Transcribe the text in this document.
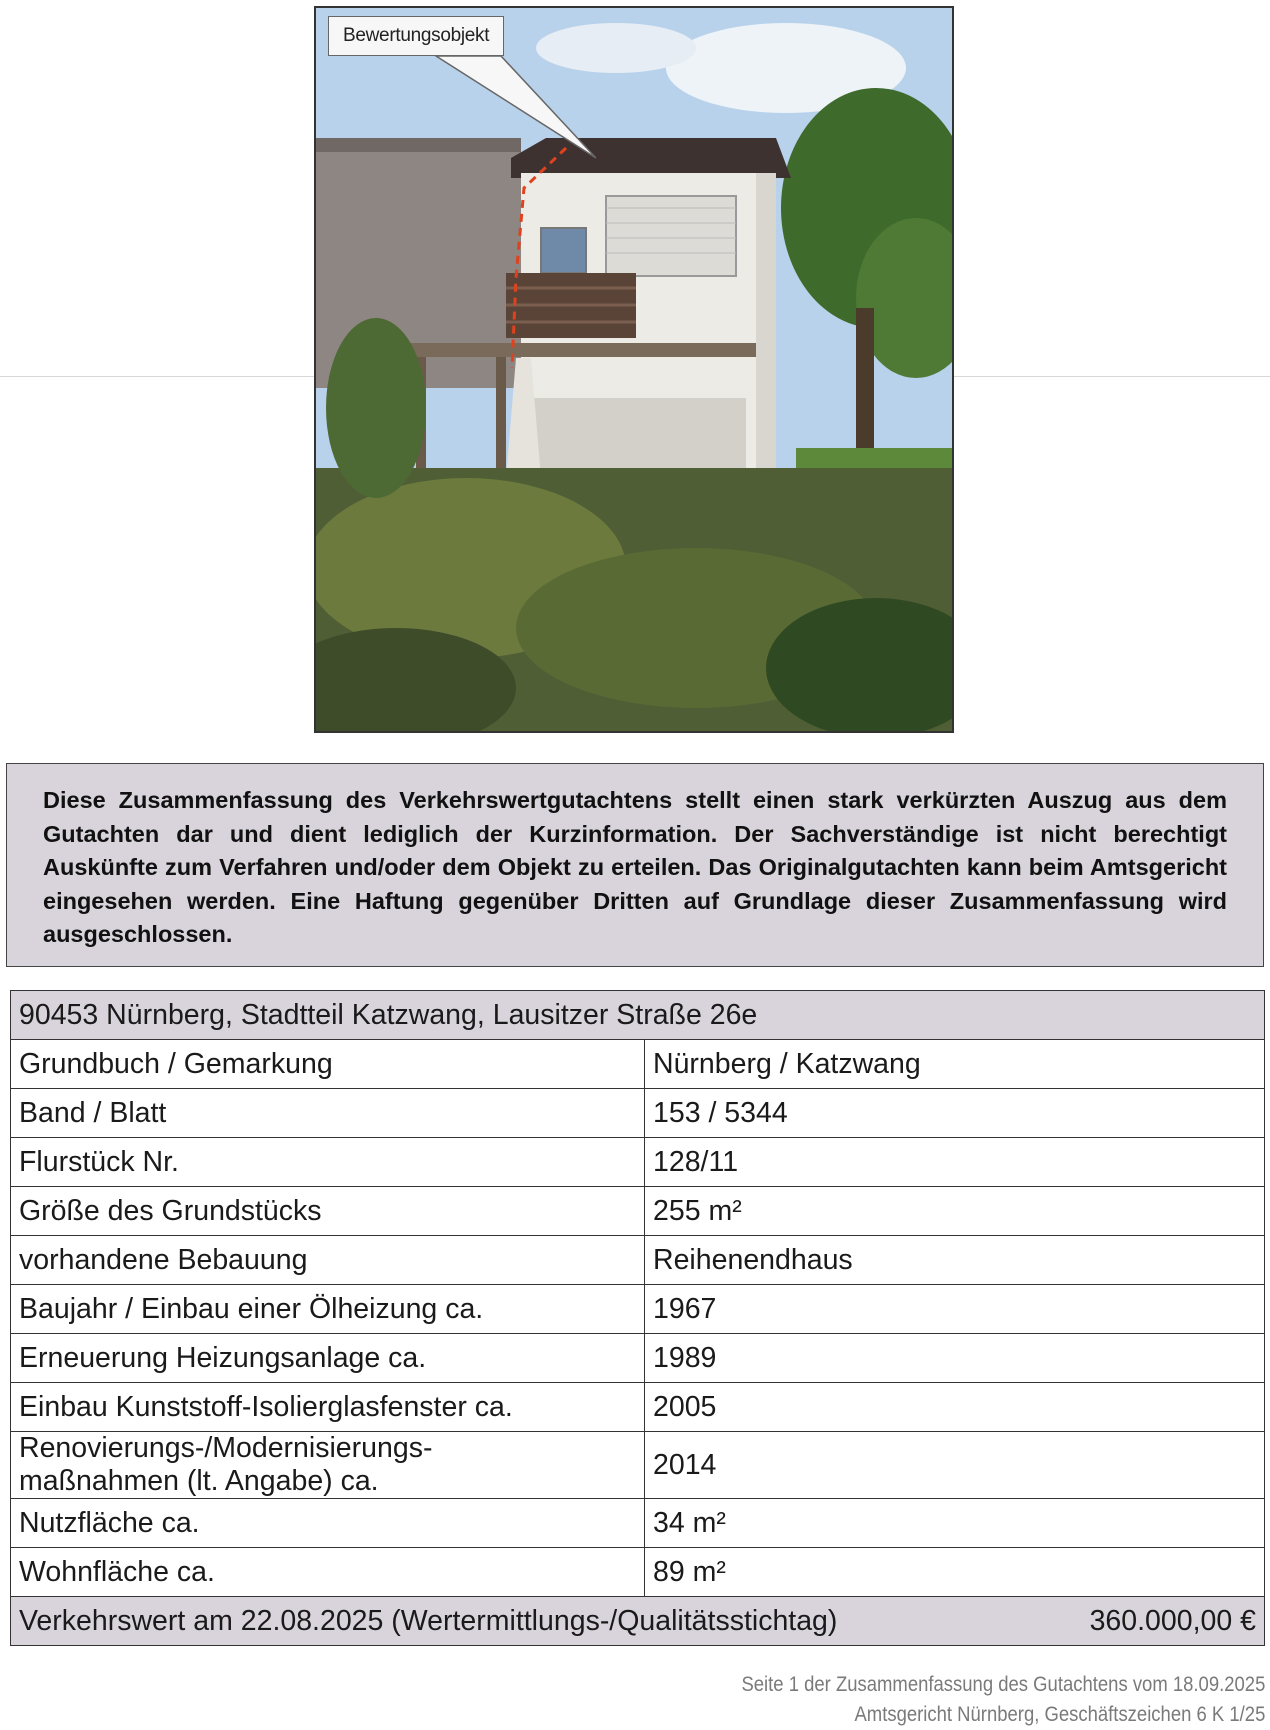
Bewertungsobjekt
Diese Zusammenfassung des Verkehrswertgutachtens stellt einen stark verkürzten Auszug aus dem Gutachten dar und dient lediglich der Kurzinformation. Der Sachverständige ist nicht berechtigt Auskünfte zum Verfahren und/oder dem Objekt zu erteilen. Das Originalgutachten kann beim Amtsgericht eingesehen werden. Eine Haftung gegenüber Dritten auf Grundlage dieser Zusammenfassung wird ausgeschlossen.
90453 Nürnberg, Stadtteil Katzwang, Lausitzer Straße 26e	
Grundbuch / Gemarkung	Nürnberg / Katzwang
Band / Blatt	153 / 5344
Flurstück Nr.	128/11
Größe des Grundstücks	255 m²
vorhandene Bebauung	Reihenendhaus
Baujahr / Einbau einer Ölheizung ca.	1967
Erneuerung Heizungsanlage ca.	1989
Einbau Kunststoff-Isolierglasfenster ca.	2005
Renovierungs-/Modernisierungs-
maßnahmen (lt. Angabe) ca.	2014
Nutzfläche ca.	34 m²
Wohnfläche ca.	89 m²

Verkehrswert am 22.08.2025 (Wertermittlungs-/Qualitätsstichtag) 360.000,00 €	
Seite 1 der Zusammenfassung des Gutachtens vom 18.09.2025
Amtsgericht Nürnberg, Geschäftszeichen 6 K 1/25
